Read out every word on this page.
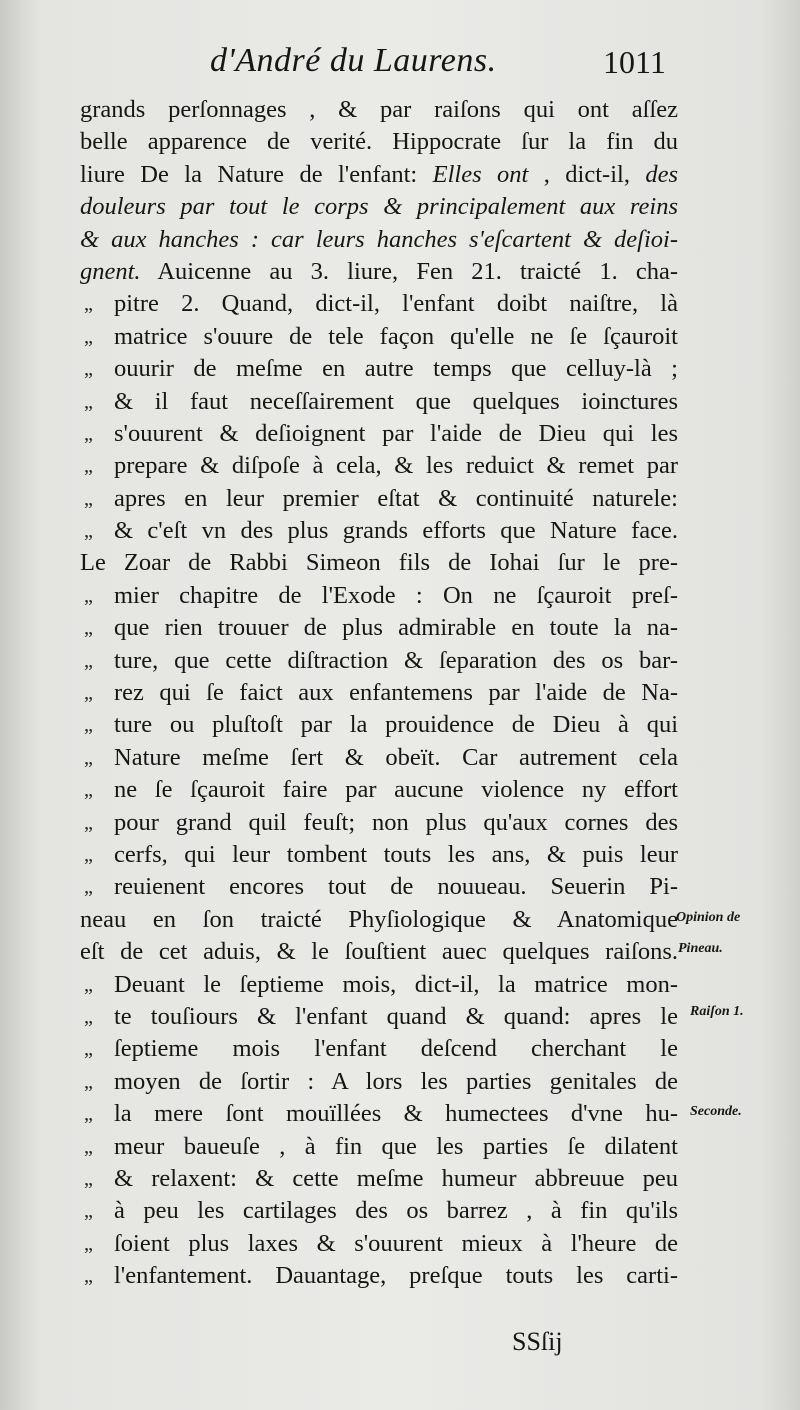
d'André du Laurens.	1011
grands perſonnages , & par raiſons qui ont aſſez
belle apparence de verité. Hippocrate ſur la fin du
liure De la Nature de l'enfant: Elles ont , dict-il, des
douleurs par tout le corps & principalement aux reins
& aux hanches : car leurs hanches s'eſcartent & deſioi-
gnent. Auicenne au 3. liure, Fen 21. traicté 1. cha-
„ pitre 2. Quand, dict-il, l'enfant doibt naiſtre, là
„ matrice s'ouure de tele façon qu'elle ne ſe ſçauroit
„ ouurir de meſme en autre temps que celluy-là ;
„ & il faut neceſſairement que quelques ioinctures
„ s'ouurent & deſioignent par l'aide de Dieu qui les
„ prepare & diſpoſe à cela, & les reduict & remet par
„ apres en leur premier eſtat & continuité naturele:
„ & c'eſt vn des plus grands efforts que Nature face.
Le Zoar de Rabbi Simeon fils de Iohai ſur le pre-
„ mier chapitre de l'Exode : On ne ſçauroit preſ-
„ que rien trouuer de plus admirable en toute la na-
„ ture, que cette diſtraction & ſeparation des os bar-
„ rez qui ſe faict aux enfantemens par l'aide de Na-
„ ture ou pluſtoſt par la prouidence de Dieu à qui
„ Nature meſme ſert & obeït. Car autrement cela
„ ne ſe ſçauroit faire par aucune violence ny effort
„ pour grand quil feuſt; non plus qu'aux cornes des
„ cerfs, qui leur tombent touts les ans, & puis leur
„ reuienent encores tout de nouueau. Seuerin Pi-
neau en ſon traicté Phyſiologique & Anatomique
eſt de cet aduis, & le ſouſtient auec quelques raiſons.
„ Deuant le ſeptieme mois, dict-il, la matrice mon-
„ te touſiours & l'enfant quand & quand: apres le
„ ſeptieme mois l'enfant deſcend cherchant le
„ moyen de ſortir : A lors les parties genitales de
„ la mere ſont mouïllées & humectees d'vne hu-
„ meur baueuſe , à fin que les parties ſe dilatent
„ & relaxent: & cette meſme humeur abbreuue peu
„ à peu les cartilages des os barrez , à fin qu'ils
„ ſoient plus laxes & s'ouurent mieux à l'heure de
„ l'enfantement. Dauantage, preſque touts les carti-
Opinion de
Pineau.
Raiſon 1.
Seconde.
SSſij
